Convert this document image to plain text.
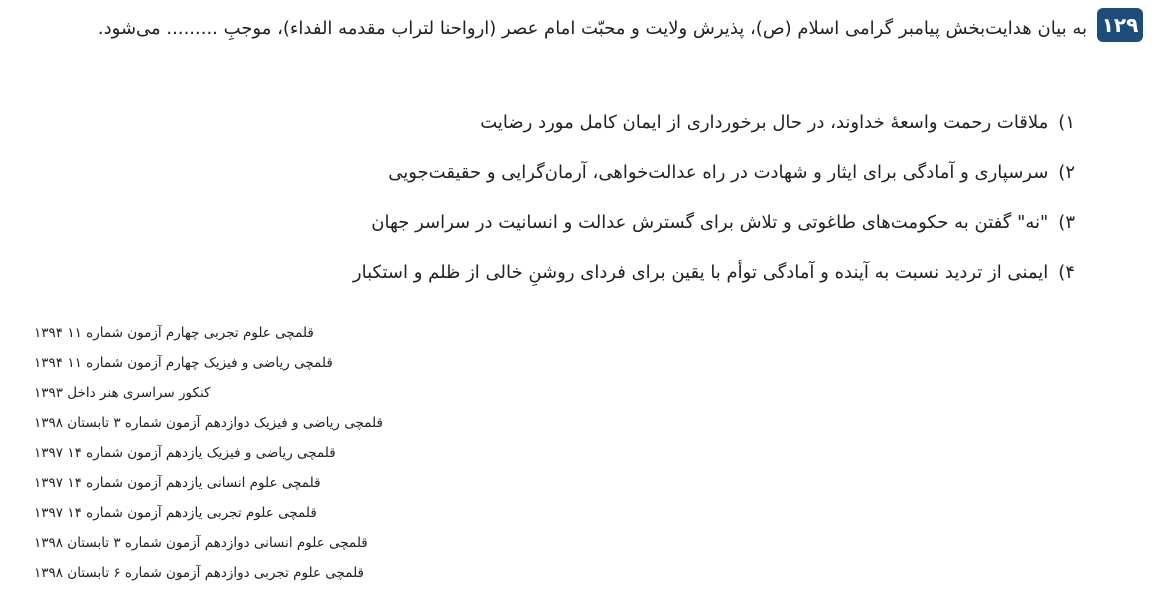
۱۲۹
به بیان هدایت‌بخش پیامبر گرامی اسلام (ص)، پذیرش ولایت و محبّت امام عصر (ارواحنا لتراب مقدمه الفداء)، موجبِ ......... می‌شود.
۱)
ملاقات رحمت واسعهٔ خداوند، در حال برخورداری از ایمان کامل مورد رضایت
۲)
سرسپاری و آمادگی برای ایثار و شهادت در راه عدالت‌خواهی، آرمان‌گرایی و حقیقت‌جویی
۳)
"نه" گفتن به حکومت‌های طاغوتی و تلاش برای گسترش عدالت و انسانیت در سراسر جهان
۴)
ایمنی از تردید نسبت به آینده و آمادگی توأم با یقین برای فردای روشنِ خالی از ظلم و استکبار
قلمچی علوم تجربی چهارم آزمون شماره ۱۱ ۱۳۹۴
قلمچی ریاضی و فیزیک چهارم آزمون شماره ۱۱ ۱۳۹۴
کنکور سراسری هنر داخل ۱۳۹۳
قلمچی ریاضی و فیزیک دوازدهم آزمون شماره ۳ تابستان ۱۳۹۸
قلمچی ریاضی و فیزیک یازدهم آزمون شماره ۱۴ ۱۳۹۷
قلمچی علوم انسانی یازدهم آزمون شماره ۱۴ ۱۳۹۷
قلمچی علوم تجربی یازدهم آزمون شماره ۱۴ ۱۳۹۷
قلمچی علوم انسانی دوازدهم آزمون شماره ۳ تابستان ۱۳۹۸
قلمچی علوم تجربی دوازدهم آزمون شماره ۶ تابستان ۱۳۹۸
